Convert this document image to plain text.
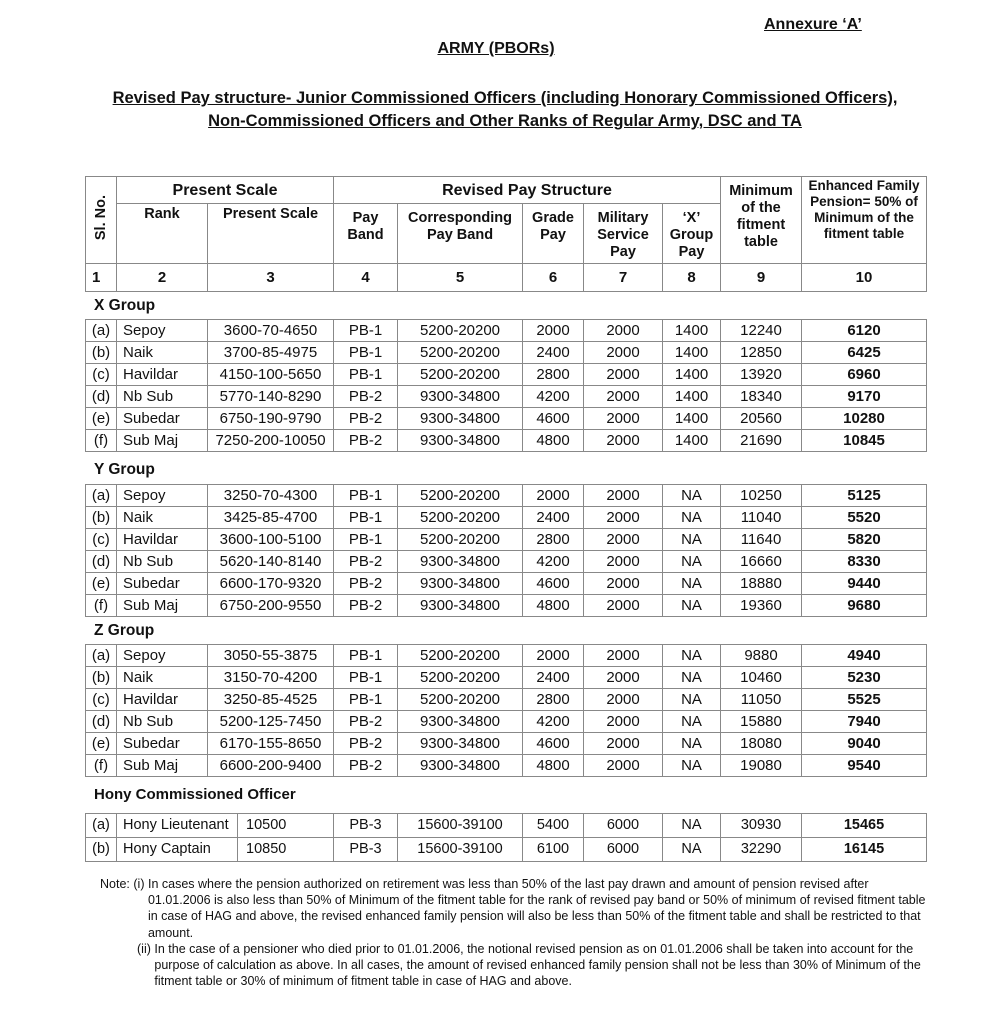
Annexure ‘A’
ARMY (PBORs)
Revised Pay structure- Junior Commissioned Officers (including Honorary Commissioned Officers), Non-Commissioned Officers and Other Ranks of Regular Army, DSC and TA
Sl. No.	Present Scale		Revised Pay Structure					Minimum of the fitment table	Enhanced Family Pension= 50% of Minimum of the fitment table
	Rank	Present Scale	Pay Band	Corresponding Pay Band	Grade Pay	Military Service Pay	‘X’ Group Pay		
1	2	3	4	5	6	7	8	9	10
X Group
Y Group
Z Group
Hony Commissioned Officer
(a)	Sepoy	3600-70-4650	PB-1	5200-20200	2000	2000	1400	12240	6120
(b)	Naik	3700-85-4975	PB-1	5200-20200	2400	2000	1400	12850	6425
(c)	Havildar	4150-100-5650	PB-1	5200-20200	2800	2000	1400	13920	6960
(d)	Nb Sub	5770-140-8290	PB-2	9300-34800	4200	2000	1400	18340	9170
(e)	Subedar	6750-190-9790	PB-2	9300-34800	4600	2000	1400	20560	10280
(f)	Sub Maj	7250-200-10050	PB-2	9300-34800	4800	2000	1400	21690	10845
(a)	Sepoy	3250-70-4300	PB-1	5200-20200	2000	2000	NA	10250	5125
(b)	Naik	3425-85-4700	PB-1	5200-20200	2400	2000	NA	11040	5520
(c)	Havildar	3600-100-5100	PB-1	5200-20200	2800	2000	NA	11640	5820
(d)	Nb Sub	5620-140-8140	PB-2	9300-34800	4200	2000	NA	16660	8330
(e)	Subedar	6600-170-9320	PB-2	9300-34800	4600	2000	NA	18880	9440
(f)	Sub Maj	6750-200-9550	PB-2	9300-34800	4800	2000	NA	19360	9680
(a)	Sepoy	3050-55-3875	PB-1	5200-20200	2000	2000	NA	9880	4940
(b)	Naik	3150-70-4200	PB-1	5200-20200	2400	2000	NA	10460	5230
(c)	Havildar	3250-85-4525	PB-1	5200-20200	2800	2000	NA	11050	5525
(d)	Nb Sub	5200-125-7450	PB-2	9300-34800	4200	2000	NA	15880	7940
(e)	Subedar	6170-155-8650	PB-2	9300-34800	4600	2000	NA	18080	9040
(f)	Sub Maj	6600-200-9400	PB-2	9300-34800	4800	2000	NA	19080	9540
(a)	Hony Lieutenant	10500	PB-3	15600-39100	5400	6000	NA	30930	15465
(b)	Hony Captain	10850	PB-3	15600-39100	6100	6000	NA	32290	16145
Note:
(i)
In cases where the pension authorized on retirement was less than 50% of the last pay drawn and amount of pension revised after 01.01.2006 is also less than 50% of Minimum of the fitment table for the rank of revised pay band or 50% of minimum of revised fitment table in case of HAG and above, the revised enhanced family pension will also be less than 50% of the fitment table and shall be restricted to that amount.
(ii)
In the case of a pensioner who died prior to 01.01.2006, the notional revised pension as on 01.01.2006 shall be taken into account for the purpose of calculation as above. In all cases, the amount of revised enhanced family pension shall not be less than 30% of Minimum of the fitment table or 30% of minimum of fitment table in case of HAG and above.
